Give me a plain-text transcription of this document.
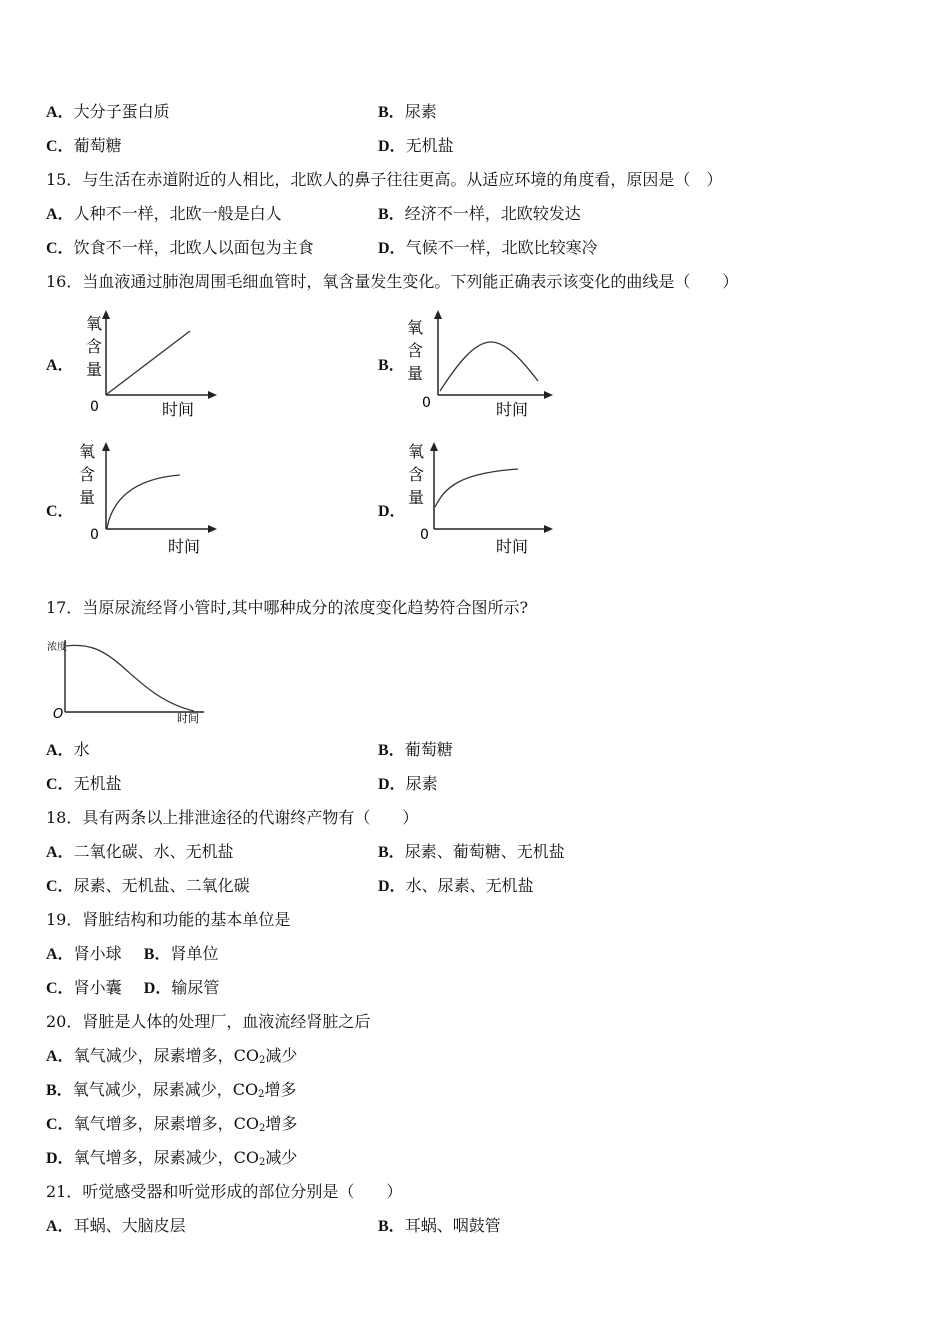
A．大分子蛋白质	B．尿素
C．葡萄糖	D．无机盐
15．与生活在赤道附近的人相比，北欧人的鼻子往往更高。从适应环境的角度看，原因是（　）
A．人种不一样，北欧一般是白人	B．经济不一样，北欧较发达
C．饮食不一样，北欧人以面包为主食	D．气候不一样，北欧比较寒冷
16．当血液通过肺泡周围毛细血管时，氧含量发生变化。下列能正确表示该变化的曲线是（　　）
A．
氧
含
量
0	时间
B．
氧
含
量
0	时间
C．
氧
含
量
0
时间
D．
氧
含
量
0
时间
17．当原尿流经肾小管时,其中哪种成分的浓度变化趋势符合图所示?
浓度
O	时间
A．水	B．葡萄糖
C．无机盐	D．尿素
18．具有两条以上排泄途径的代谢终产物有（　　）
A．二氧化碳、水、无机盐	B．尿素、葡萄糖、无机盐
C．尿素、无机盐、二氧化碳	D．水、尿素、无机盐
19．肾脏结构和功能的基本单位是
A．肾小球 B．肾单位
C．肾小囊 D．输尿管
20．肾脏是人体的处理厂，血液流经肾脏之后
A．氧气减少，尿素增多，$CO_2$减少
B．氧气减少，尿素减少，$CO_2$增多
C．氧气增多，尿素增多，$CO_2$增多
D．氧气增多，尿素减少，$CO_2$减少
21．听觉感受器和听觉形成的部位分别是（　　）
A．耳蜗、大脑皮层	B．耳蜗、咽鼓管
